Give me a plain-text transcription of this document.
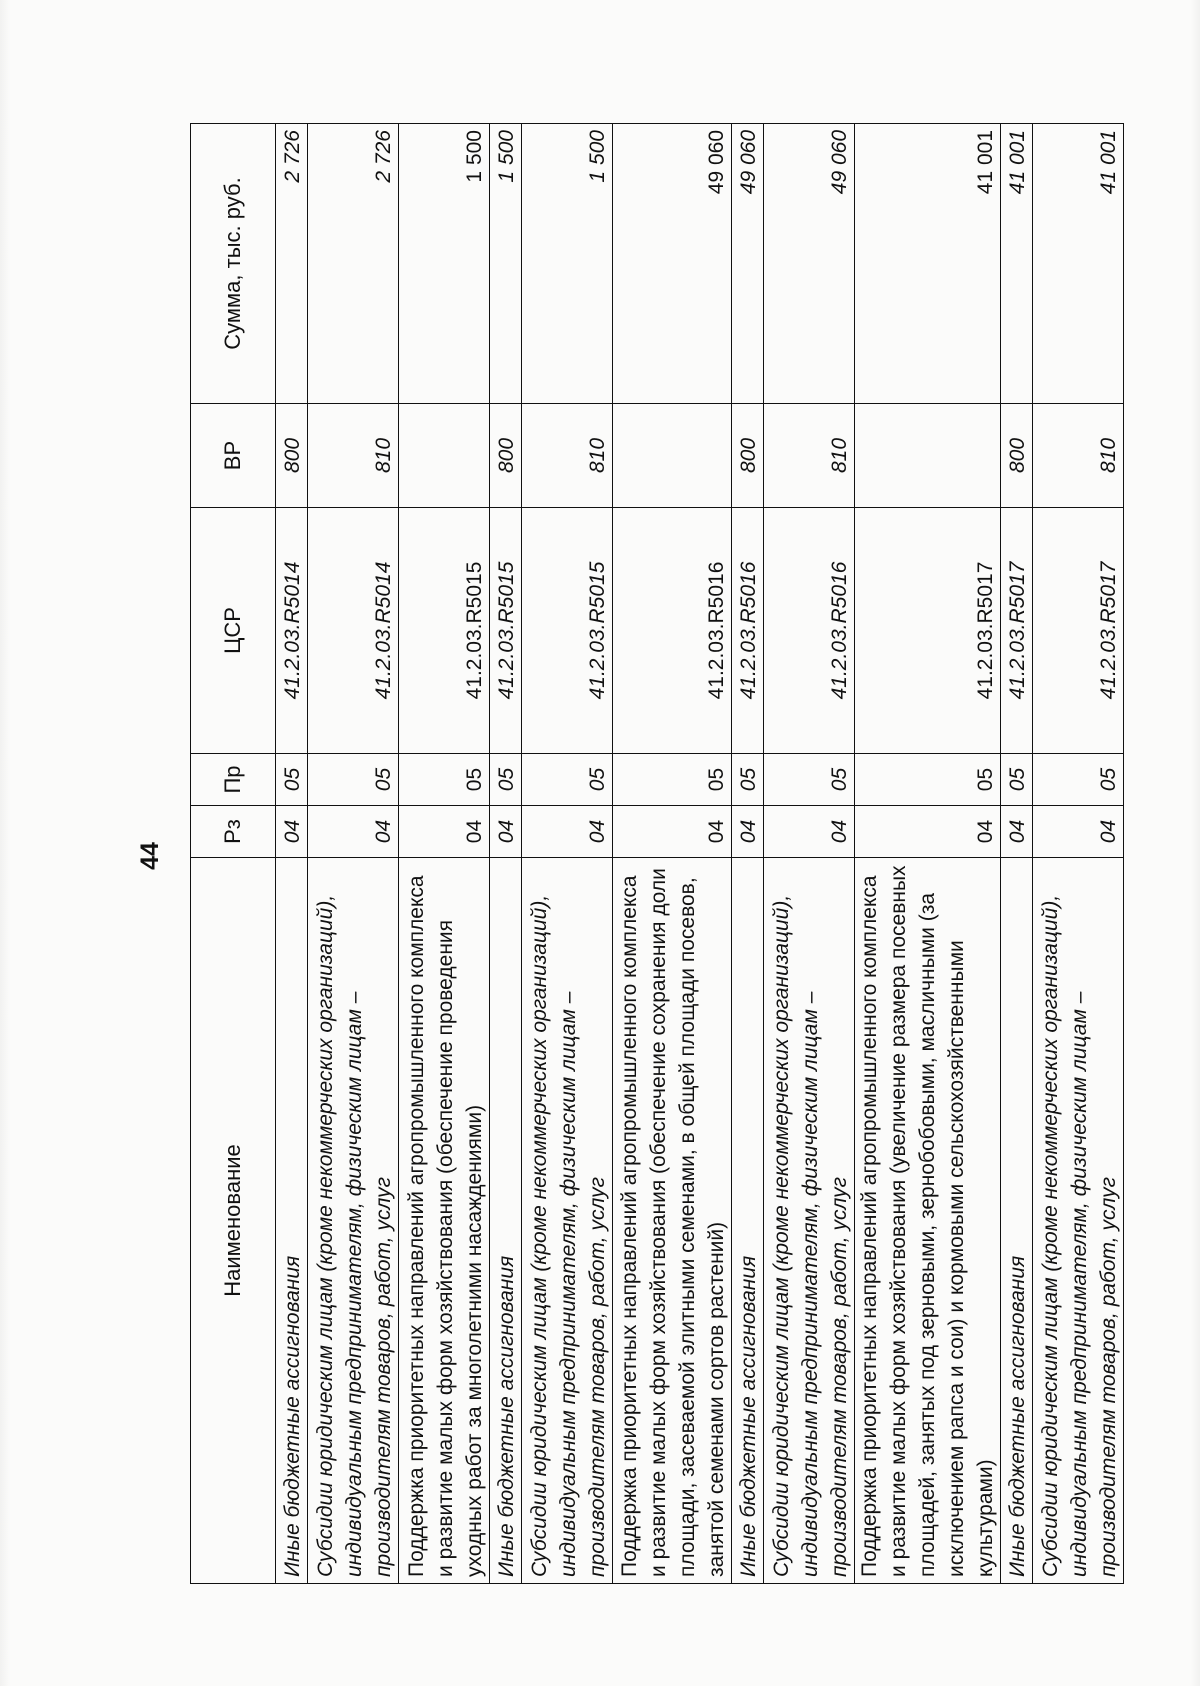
44
Наименование	Рз	Пр	ЦСР	ВР	Сумма, тыс. руб.
Иные бюджетные ассигнования	04	05	41.2.03.R5014	800	2 726
Субсидии юридическим лицам (кроме некоммерческих организаций), индивидуальным предпринимателям, физическим лицам – производителям товаров, работ, услуг	04	05	41.2.03.R5014	810	2 726
Поддержка приоритетных направлений агропромышленного комплекса и развитие малых форм хозяйствования (обеспечение проведения уходных работ за многолетними насаждениями)	04	05	41.2.03.R5015		1 500
Иные бюджетные ассигнования	04	05	41.2.03.R5015	800	1 500
Субсидии юридическим лицам (кроме некоммерческих организаций), индивидуальным предпринимателям, физическим лицам – производителям товаров, работ, услуг	04	05	41.2.03.R5015	810	1 500
Поддержка приоритетных направлений агропромышленного комплекса и развитие малых форм хозяйствования (обеспечение сохранения доли площади, засеваемой элитными семенами, в общей площади посевов, занятой семенами сортов растений)	04	05	41.2.03.R5016		49 060
Иные бюджетные ассигнования	04	05	41.2.03.R5016	800	49 060
Субсидии юридическим лицам (кроме некоммерческих организаций), индивидуальным предпринимателям, физическим лицам – производителям товаров, работ, услуг	04	05	41.2.03.R5016	810	49 060
Поддержка приоритетных направлений агропромышленного комплекса и развитие малых форм хозяйствования (увеличение размера посевных площадей, занятых под зерновыми, зернобобовыми, масличными (за исключением рапса и сои) и кормовыми сельскохозяйственными культурами)	04	05	41.2.03.R5017		41 001
Иные бюджетные ассигнования	04	05	41.2.03.R5017	800	41 001
Субсидии юридическим лицам (кроме некоммерческих организаций), индивидуальным предпринимателям, физическим лицам – производителям товаров, работ, услуг	04	05	41.2.03.R5017	810	41 001
